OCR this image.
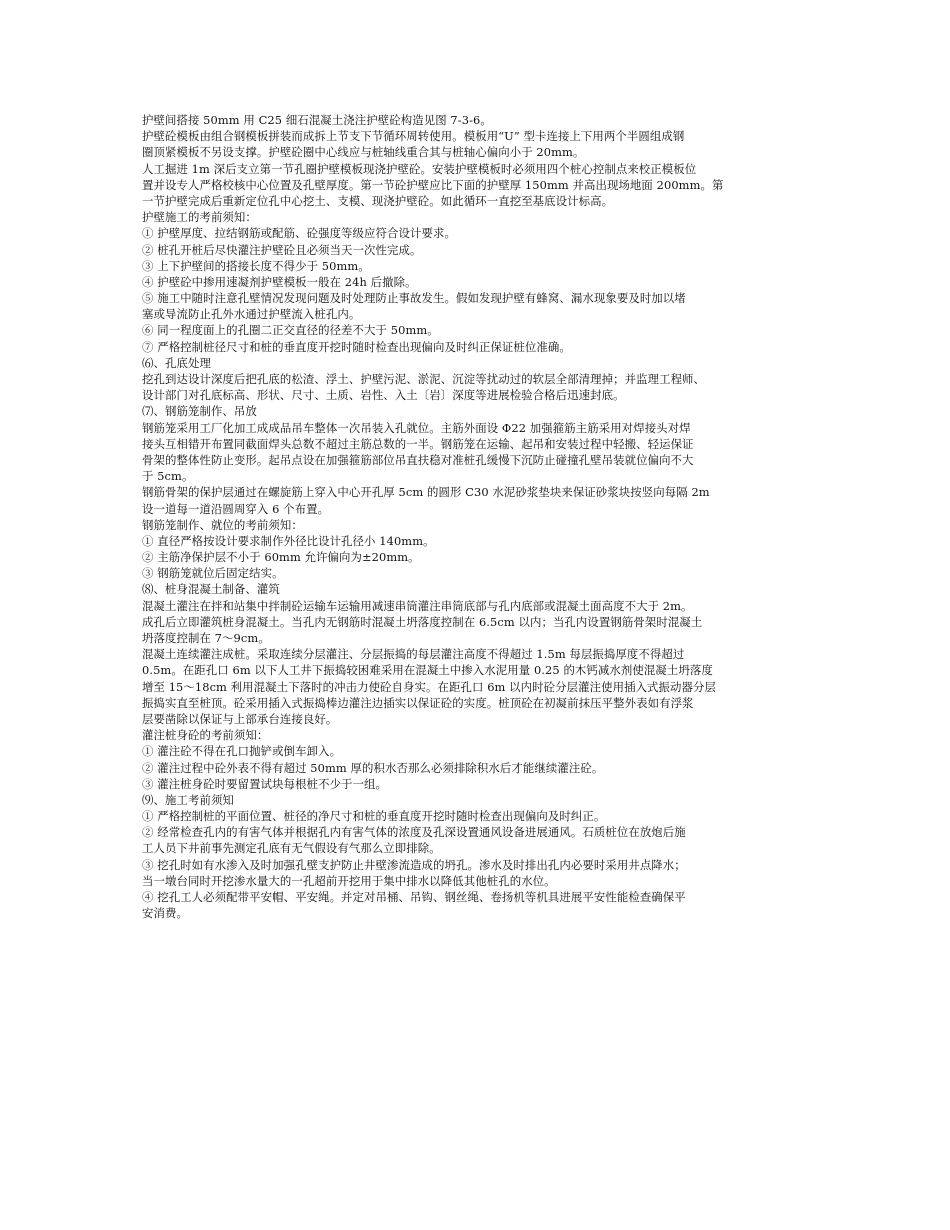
护壁间搭接 50mm 用 C25 细石混凝土浇注护壁砼构造见图 7-3-6。
护壁砼模板由组合钢模板拼装而成拆上节支下节循环周转使用。模板用“U” 型卡连接上下用两个半圆组成钢
圈顶紧模板不另设支撑。护壁砼圈中心线应与桩轴线重合其与桩轴心偏向小于 20mm。
人工掘进 1m 深后支立第一节孔圈护壁模板现浇护壁砼。安装护壁模板时必须用四个桩心控制点来校正模板位
置并设专人严格校核中心位置及孔壁厚度。第一节砼护壁应比下面的护壁厚 150mm 并高出现场地面 200mm。第
一节护壁完成后重新定位孔中心挖土、支模、现浇护壁砼。如此循环一直挖至基底设计标高。
护壁施工的考前须知：
① 护壁厚度、拉结钢筋或配筋、砼强度等级应符合设计要求。
② 桩孔开桩后尽快灌注护壁砼且必须当天一次性完成。
③ 上下护壁间的搭接长度不得少于 50mm。
④ 护壁砼中掺用速凝剂护壁模板一般在 24h 后撤除。
⑤ 施工中随时注意孔壁情况发现问题及时处理防止事故发生。假如发现护壁有蜂窝、漏水现象要及时加以堵
塞或导流防止孔外水通过护壁流入桩孔内。
⑥ 同一程度面上的孔圈二正交直径的径差不大于 50mm。
⑦ 严格控制桩径尺寸和桩的垂直度开挖时随时检查出现偏向及时纠正保证桩位准确。
⑹、孔底处理
挖孔到达设计深度后把孔底的松渣、浮土、护壁污泥、淤泥、沉淀等扰动过的软层全部清理掉；并监理工程师、
设计部门对孔底标高、形状、尺寸、土质、岩性、入土〔岩〕深度等进展检验合格后迅速封底。
⑺、钢筋笼制作、吊放
钢筋笼采用工厂化加工成成品吊车整体一次吊装入孔就位。主筋外面设 Φ22 加强箍筋主筋采用对焊接头对焊
接头互相错开布置同截面焊头总数不超过主筋总数的一半。钢筋笼在运输、起吊和安装过程中轻搬、轻运保证
骨架的整体性防止变形。起吊点设在加强箍筋部位吊直扶稳对准桩孔缓慢下沉防止碰撞孔壁吊装就位偏向不大
于 5cm。
钢筋骨架的保护层通过在螺旋筋上穿入中心开孔厚 5cm 的圆形 C30 水泥砂浆垫块来保证砂浆块按竖向每隔 2m
设一道每一道沿圆周穿入 6 个布置。
钢筋笼制作、就位的考前须知：
① 直径严格按设计要求制作外径比设计孔径小 140mm。
② 主筋净保护层不小于 60mm 允许偏向为±20mm。
③ 钢筋笼就位后固定结实。
⑻、桩身混凝土制备、灌筑
混凝土灌注在拌和站集中拌制砼运输车运输用减速串筒灌注串筒底部与孔内底部或混凝土面高度不大于 2m。
成孔后立即灌筑桩身混凝土。当孔内无钢筋时混凝土坍落度控制在 6.5cm 以内；当孔内设置钢筋骨架时混凝土
坍落度控制在 7～9cm。
混凝土连续灌注成桩。采取连续分层灌注、分层振捣的每层灌注高度不得超过 1.5m 每层振捣厚度不得超过
0.5m。在距孔口 6m 以下人工井下振捣较困难采用在混凝土中掺入水泥用量 0.25 的木钙减水剂使混凝土坍落度
增至 15～18cm 利用混凝土下落时的冲击力使砼自身实。在距孔口 6m 以内时砼分层灌注使用插入式振动器分层
振捣实直至桩顶。砼采用插入式振捣棒边灌注边插实以保证砼的实度。桩顶砼在初凝前抹压平整外表如有浮浆
层要凿除以保证与上部承台连接良好。
灌注桩身砼的考前须知：
① 灌注砼不得在孔口抛铲或倒车卸入。
② 灌注过程中砼外表不得有超过 50mm 厚的积水否那么必须排除积水后才能继续灌注砼。
③ 灌注桩身砼时要留置试块每根桩不少于一组。
⑼、施工考前须知
① 严格控制桩的平面位置、桩径的净尺寸和桩的垂直度开挖时随时检查出现偏向及时纠正。
② 经常检查孔内的有害气体并根据孔内有害气体的浓度及孔深设置通风设备进展通风。石质桩位在放炮后施
工人员下井前事先测定孔底有无气假设有气那么立即排除。
③ 挖孔时如有水渗入及时加强孔壁支护防止井壁渗流造成的坍孔。渗水及时排出孔内必要时采用井点降水；
当一墩台同时开挖渗水量大的一孔超前开挖用于集中排水以降低其他桩孔的水位。
④ 挖孔工人必须配带平安帽、平安绳。并定对吊桶、吊钩、钢丝绳、卷扬机等机具进展平安性能检查确保平
安消费。
